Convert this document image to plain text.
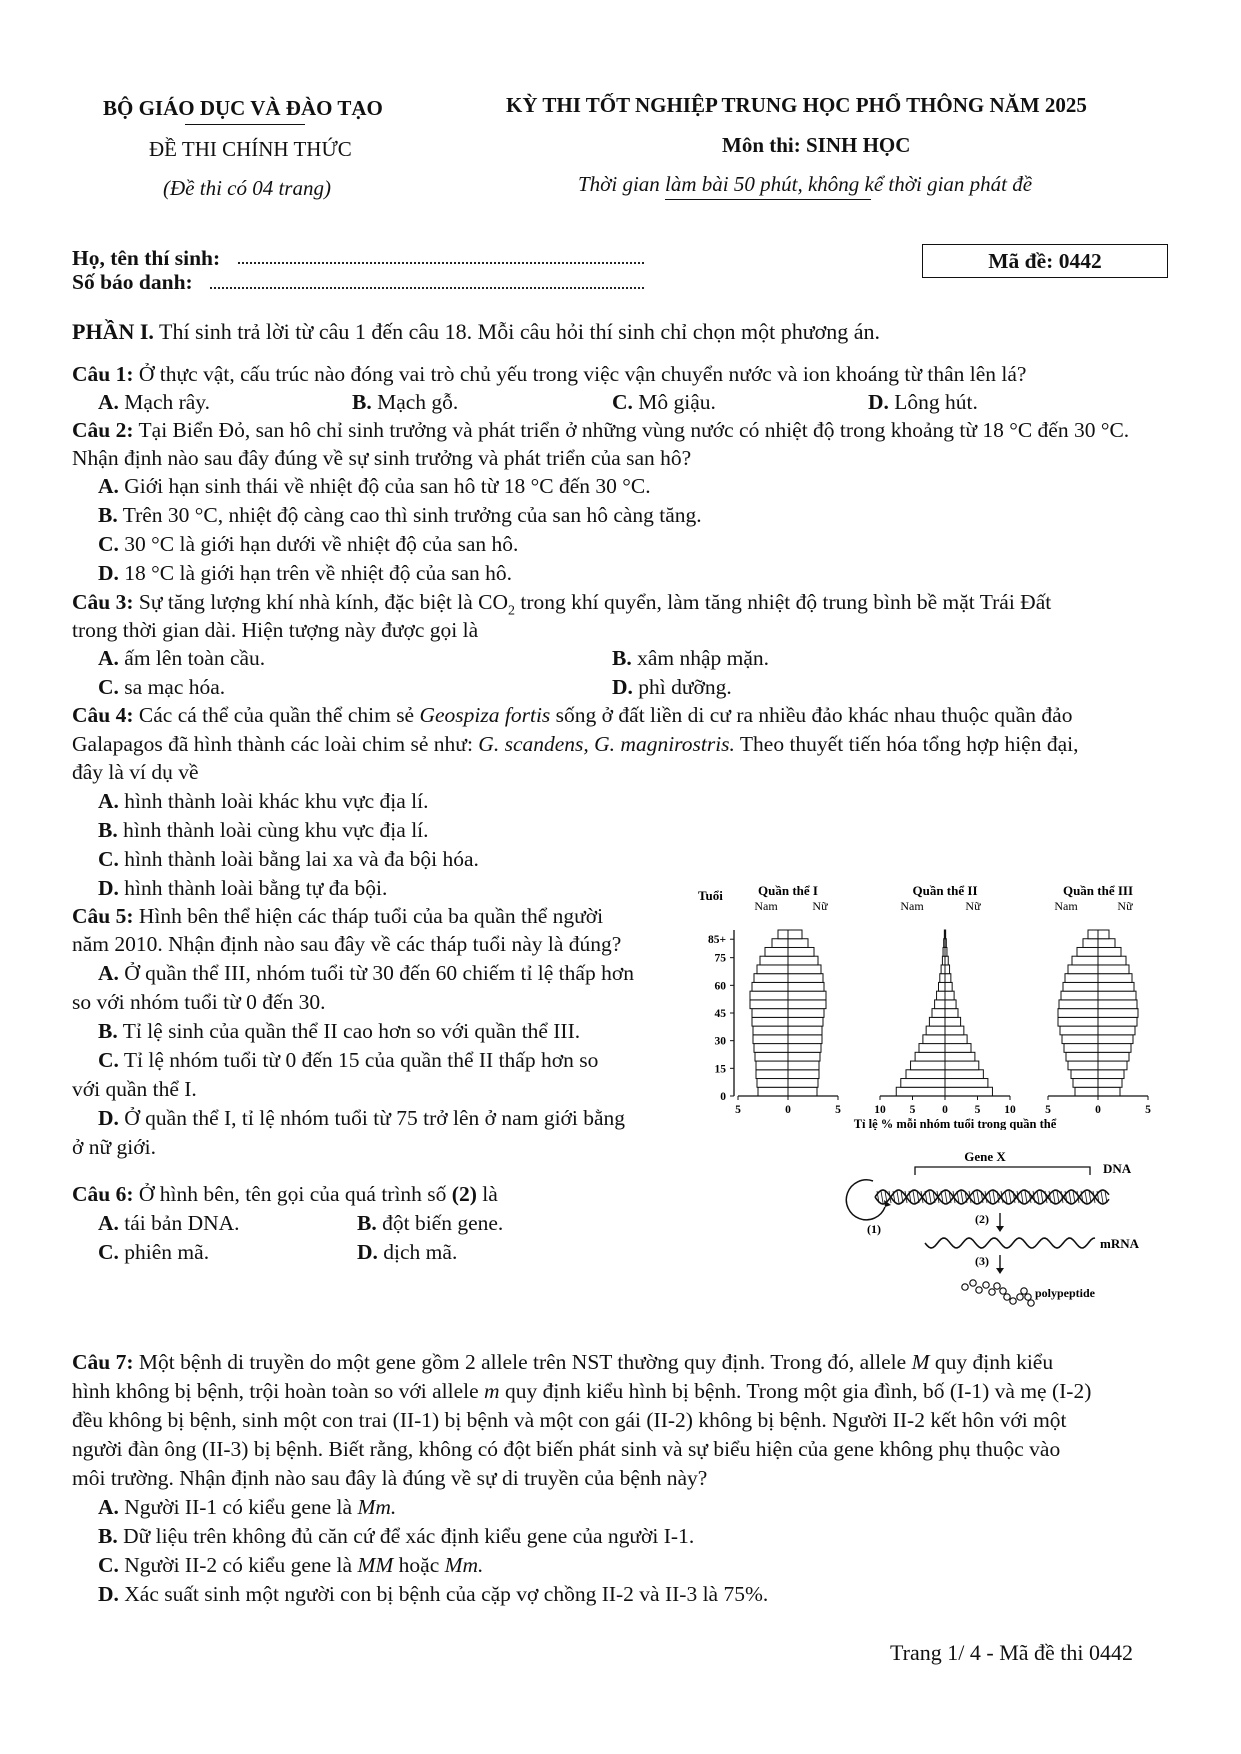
BỘ GIÁO DỤC VÀ ĐÀO TẠO
ĐỀ THI CHÍNH THỨC
(Đề thi có 04 trang)
KỲ THI TỐT NGHIỆP TRUNG HỌC PHỔ THÔNG NĂM 2025
Môn thi: SINH HỌC
Thời gian làm bài 50 phút, không kể thời gian phát đề
Họ, tên thí sinh:
Số báo danh:
Mã đề: 0442
PHẦN I. Thí sinh trả lời từ câu 1 đến câu 18. Mỗi câu hỏi thí sinh chỉ chọn một phương án.
Câu 1: Ở thực vật, cấu trúc nào đóng vai trò chủ yếu trong việc vận chuyển nước và ion khoáng từ thân lên lá?
A. Mạch rây.	B. Mạch gỗ.	C. Mô giậu.	D. Lông hút.
Câu 2: Tại Biển Đỏ, san hô chỉ sinh trưởng và phát triển ở những vùng nước có nhiệt độ trong khoảng từ 18 °C đến 30 °C.
Nhận định nào sau đây đúng về sự sinh trưởng và phát triển của san hô?
A. Giới hạn sinh thái về nhiệt độ của san hô từ 18 °C đến 30 °C.
B. Trên 30 °C, nhiệt độ càng cao thì sinh trưởng của san hô càng tăng.
C. 30 °C là giới hạn dưới về nhiệt độ của san hô.
D. 18 °C là giới hạn trên về nhiệt độ của san hô.
Câu 3: Sự tăng lượng khí nhà kính, đặc biệt là $CO_2$ trong khí quyển, làm tăng nhiệt độ trung bình bề mặt Trái Đất
trong thời gian dài. Hiện tượng này được gọi là
A. ấm lên toàn cầu.	B. xâm nhập mặn.
C. sa mạc hóa.	D. phì dưỡng.
Câu 4: Các cá thể của quần thể chim sẻ Geospiza fortis sống ở đất liền di cư ra nhiều đảo khác nhau thuộc quần đảo
Galapagos đã hình thành các loài chim sẻ như: G. scandens, G. magnirostris. Theo thuyết tiến hóa tổng hợp hiện đại,
đây là ví dụ về
A. hình thành loài khác khu vực địa lí.
B. hình thành loài cùng khu vực địa lí.
C. hình thành loài bằng lai xa và đa bội hóa.
D. hình thành loài bằng tự đa bội.
Câu 5: Hình bên thể hiện các tháp tuổi của ba quần thể người
năm 2010. Nhận định nào sau đây về các tháp tuổi này là đúng?
A. Ở quần thể III, nhóm tuổi từ 30 đến 60 chiếm tỉ lệ thấp hơn
so với nhóm tuổi từ 0 đến 30.
B. Tỉ lệ sinh của quần thể II cao hơn so với quần thể III.
C. Tỉ lệ nhóm tuổi từ 0 đến 15 của quần thể II thấp hơn so
với quần thể I.
D. Ở quần thể I, tỉ lệ nhóm tuổi từ 75 trở lên ở nam giới bằng
ở nữ giới.
Tuổi
85+
75
60
45
30
15
0
Quần thể I
Nam	Nữ
Quần thể II
Nam	Nữ
Quần thể III
Nam	Nữ
5	0	5	10 5 0 5 10	5	0	5
Tỉ lệ % mỗi nhóm tuổi trong quần thể
Câu 6: Ở hình bên, tên gọi của quá trình số (2) là
A. tái bản DNA.	B. đột biến gene.
C. phiên mã.	D. dịch mã.
Gene X
DNA
(1)
(2)
mRNA
(3)
polypeptide
Câu 7: Một bệnh di truyền do một gene gồm 2 allele trên NST thường quy định. Trong đó, allele M quy định kiểu
hình không bị bệnh, trội hoàn toàn so với allele m quy định kiểu hình bị bệnh. Trong một gia đình, bố (I-1) và mẹ (I-2)
đều không bị bệnh, sinh một con trai (II-1) bị bệnh và một con gái (II-2) không bị bệnh. Người II-2 kết hôn với một
người đàn ông (II-3) bị bệnh. Biết rằng, không có đột biến phát sinh và sự biểu hiện của gene không phụ thuộc vào
môi trường. Nhận định nào sau đây là đúng về sự di truyền của bệnh này?
A. Người II-1 có kiểu gene là Mm.
B. Dữ liệu trên không đủ căn cứ để xác định kiểu gene của người I-1.
C. Người II-2 có kiểu gene là MM hoặc Mm.
D. Xác suất sinh một người con bị bệnh của cặp vợ chồng II-2 và II-3 là 75%.
Trang 1/ 4 - Mã đề thi 0442
